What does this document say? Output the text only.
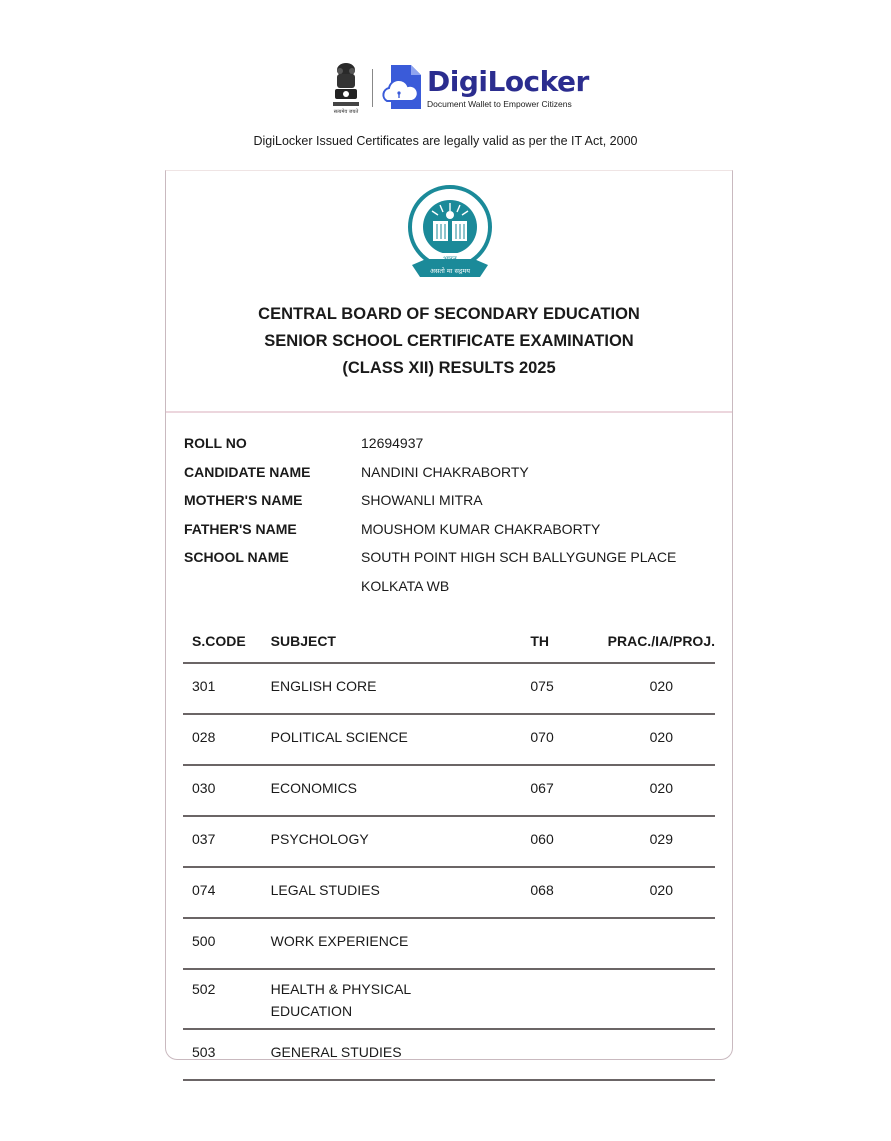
सत्यमेव जयते
DigiLocker
Document Wallet to Empower Citizens
DigiLocker Issued Certificates are legally valid as per the IT Act, 2000
असतो मा सद्गमय
CENTRAL BOARD OF SECONDARY EDUCATION
SENIOR SCHOOL CERTIFICATE EXAMINATION
(CLASS XII) RESULTS 2025
ROLL NO	12694937
CANDIDATE NAME	NANDINI CHAKRABORTY
MOTHER'S NAME	SHOWANLI MITRA
FATHER'S NAME	MOUSHOM KUMAR CHAKRABORTY
SCHOOL NAME	SOUTH POINT HIGH SCH BALLYGUNGE PLACE
KOLKATA WB
S.CODE	SUBJECT	TH	PRAC./IA/PROJ.
301	ENGLISH CORE	075	020
028	POLITICAL SCIENCE	070	020
030	ECONOMICS	067	020
037	PSYCHOLOGY	060	029
074	LEGAL STUDIES	068	020
500	WORK EXPERIENCE		
502	HEALTH & PHYSICAL
EDUCATION		

503	GENERAL STUDIES		
